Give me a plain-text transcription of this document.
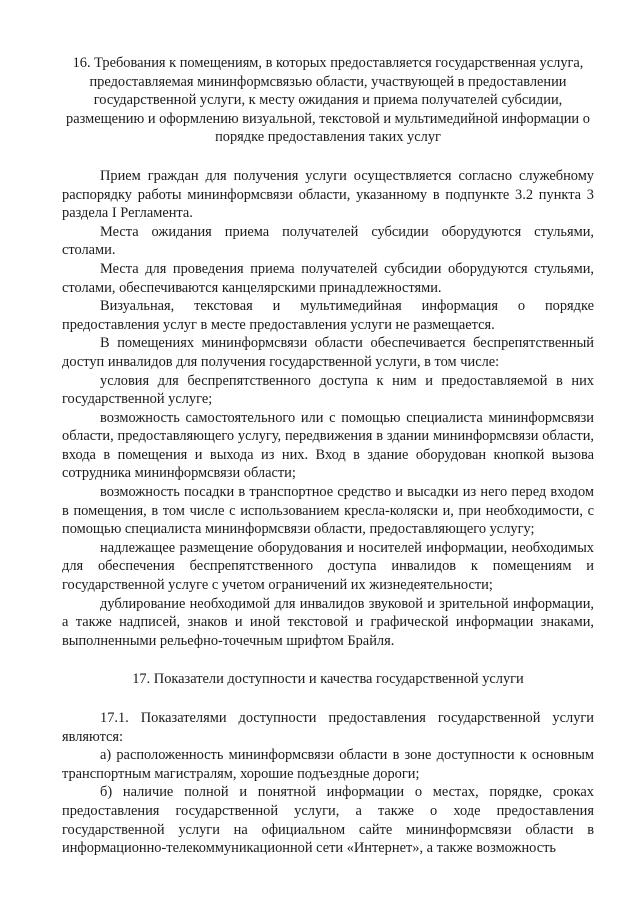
16. Требования к помещениям, в которых предоставляется государственная услуга, предоставляемая мининформсвязью области, участвующей в предоставлении государственной услуги, к месту ожидания и приема получателей субсидии, размещению и оформлению визуальной, текстовой и мультимедийной информации о порядке предоставления таких услуг

Прием граждан для получения услуги осуществляется согласно служебному распорядку работы мининформсвязи области, указанному в подпункте 3.2 пункта 3 раздела I Регламента.

Места ожидания приема получателей субсидии оборудуются стульями, столами.

Места для проведения приема получателей субсидии оборудуются стульями, столами, обеспечиваются канцелярскими принадлежностями.

Визуальная, текстовая и мультимедийная информация о порядке предоставления услуг в месте предоставления услуги не размещается.

В помещениях мининформсвязи области обеспечивается беспрепятственный доступ инвалидов для получения государственной услуги, в том числе:

условия для беспрепятственного доступа к ним и предоставляемой в них государственной услуге;

возможность самостоятельного или с помощью специалиста мининформсвязи области, предоставляющего услугу, передвижения в здании мининформсвязи области, входа в помещения и выхода из них. Вход в здание оборудован кнопкой вызова сотрудника мининформсвязи области;

возможность посадки в транспортное средство и высадки из него перед входом в помещения, в том числе с использованием кресла-коляски и, при необходимости, с помощью специалиста мининформсвязи области, предоставляющего услугу;

надлежащее размещение оборудования и носителей информации, необходимых для обеспечения беспрепятственного доступа инвалидов к помещениям и государственной услуге с учетом ограничений их жизнедеятельности;

дублирование необходимой для инвалидов звуковой и зрительной информации, а также надписей, знаков и иной текстовой и графической информации знаками, выполненными рельефно-точечным шрифтом Брайля.

17. Показатели доступности и качества государственной услуги

17.1. Показателями доступности предоставления государственной услуги являются:

а) расположенность мининформсвязи области в зоне доступности к основным транспортным магистралям, хорошие подъездные дороги;

б) наличие полной и понятной информации о местах, порядке, сроках предоставления государственной услуги, а также о ходе предоставления государственной услуги на официальном сайте мининформсвязи области в информационно-телекоммуникационной сети «Интернет», а также возможность
